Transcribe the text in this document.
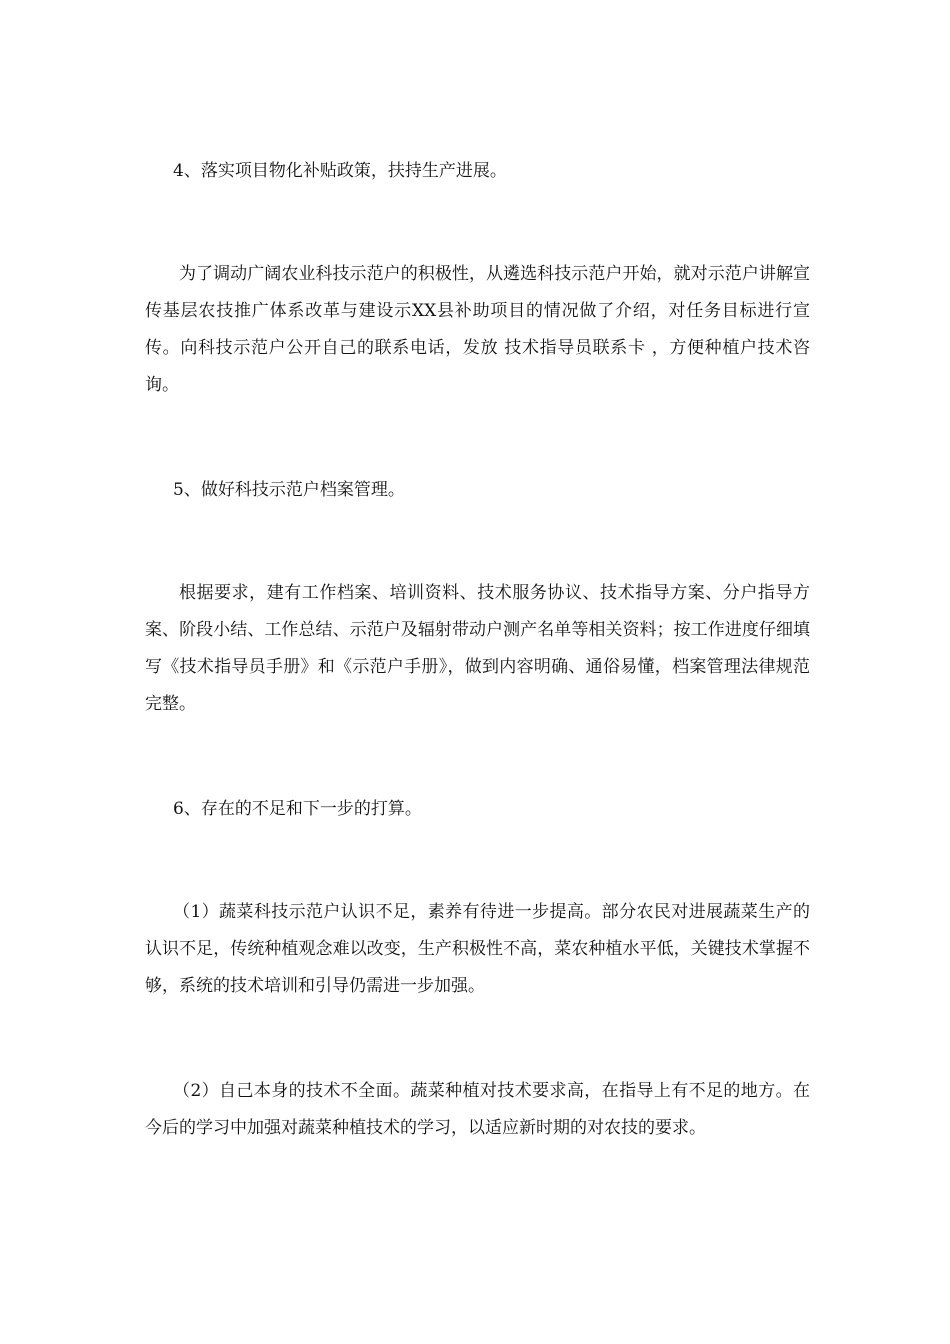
4、落实项目物化补贴政策，扶持生产进展。

为了调动广阔农业科技示范户的积极性，从遴选科技示范户开始，就对示范户讲解宣传基层农技推广体系改革与建设示XX县补助项目的情况做了介绍，对任务目标进行宣传。向科技示范户公开自己的联系电话，发放 技术指导员联系卡 ，方便种植户技术咨询。

5、做好科技示范户档案管理。

根据要求，建有工作档案、培训资料、技术服务协议、技术指导方案、分户指导方案、阶段小结、工作总结、示范户及辐射带动户测产名单等相关资料；按工作进度仔细填写《技术指导员手册》和《示范户手册》，做到内容明确、通俗易懂，档案管理法律规范完整。

6、存在的不足和下一步的打算。

（1）蔬菜科技示范户认识不足，素养有待进一步提高。部分农民对进展蔬菜生产的认识不足，传统种植观念难以改变，生产积极性不高，菜农种植水平低，关键技术掌握不够，系统的技术培训和引导仍需进一步加强。

（2）自己本身的技术不全面。蔬菜种植对技术要求高，在指导上有不足的地方。在今后的学习中加强对蔬菜种植技术的学习，以适应新时期的对农技的要求。
